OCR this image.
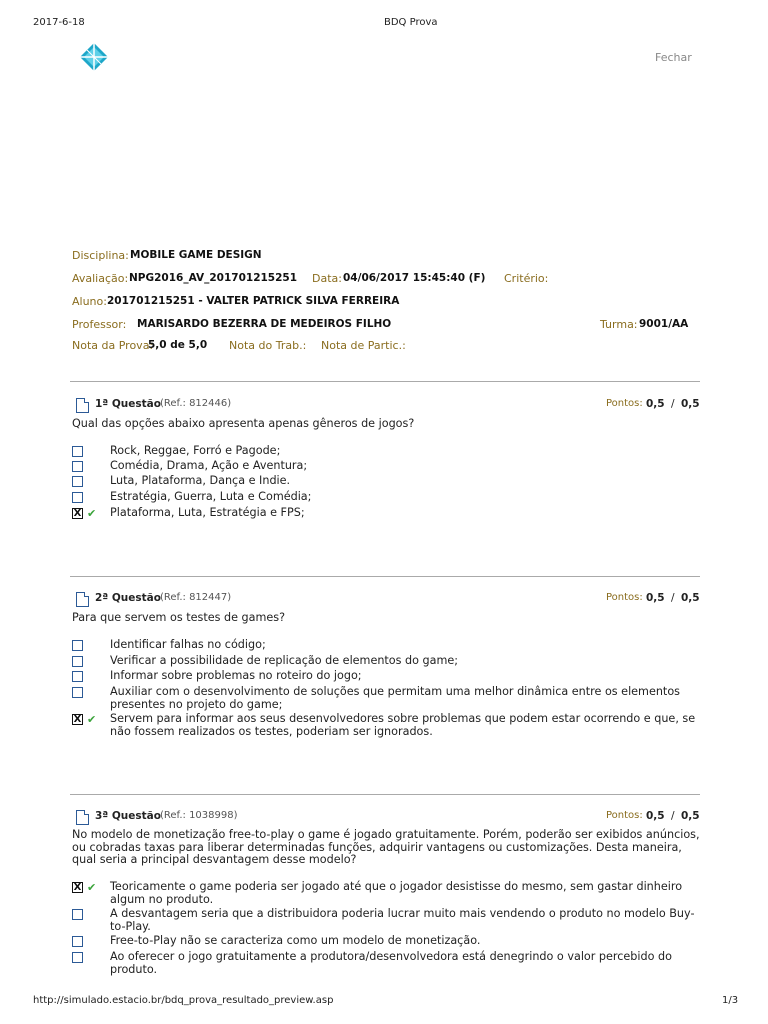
2017-6-18	BDQ Prova
Fechar
Disciplina: MOBILE GAME DESIGN
Avaliação: NPG2016_AV_201701215251 Data: 04/06/2017 15:45:40 (F) Critério:
Aluno: 201701215251 - VALTER PATRICK SILVA FERREIRA
Professor: MARISARDO BEZERRA DE MEDEIROS FILHO	Turma: 9001/AA
Nota da Prova:
5,0 de 5,0 Nota do Trab.: Nota de Partic.:
1ª Questão (Ref.: 812446)	Pontos: 0,5 / 0,5
Qual das opções abaixo apresenta apenas gêneros de jogos?
Rock, Reggae, Forró e Pagode;
Comédia, Drama, Ação e Aventura;
Luta, Plataforma, Dança e Indie.
Estratégia, Guerra, Luta e Comédia;
X ✔ Plataforma, Luta, Estratégia e FPS;
2ª Questão (Ref.: 812447)	Pontos: 0,5 / 0,5
Para que servem os testes de games?
Identificar falhas no código;
Verificar a possibilidade de replicação de elementos do game;
Informar sobre problemas no roteiro do jogo;
Auxiliar com o desenvolvimento de soluções que permitam uma melhor dinâmica entre os elementos presentes no projeto do game;
X ✔ Servem para informar aos seus desenvolvedores sobre problemas que podem estar ocorrendo e que, se não fossem realizados os testes, poderiam ser ignorados.
3ª Questão (Ref.: 1038998)	Pontos: 0,5 / 0,5
No modelo de monetização free-to-play o game é jogado gratuitamente. Porém, poderão ser exibidos anúncios, ou cobradas taxas para liberar determinadas funções, adquirir vantagens ou customizações. Desta maneira, qual seria a principal desvantagem desse modelo?
X ✔ Teoricamente o game poderia ser jogado até que o jogador desistisse do mesmo, sem gastar dinheiro algum no produto.
A desvantagem seria que a distribuidora poderia lucrar muito mais vendendo o produto no modelo Buy-to-Play.
Free-to-Play não se caracteriza como um modelo de monetização.
Ao oferecer o jogo gratuitamente a produtora/desenvolvedora está denegrindo o valor percebido do produto.
http://simulado.estacio.br/bdq_prova_resultado_preview.asp	1/3
